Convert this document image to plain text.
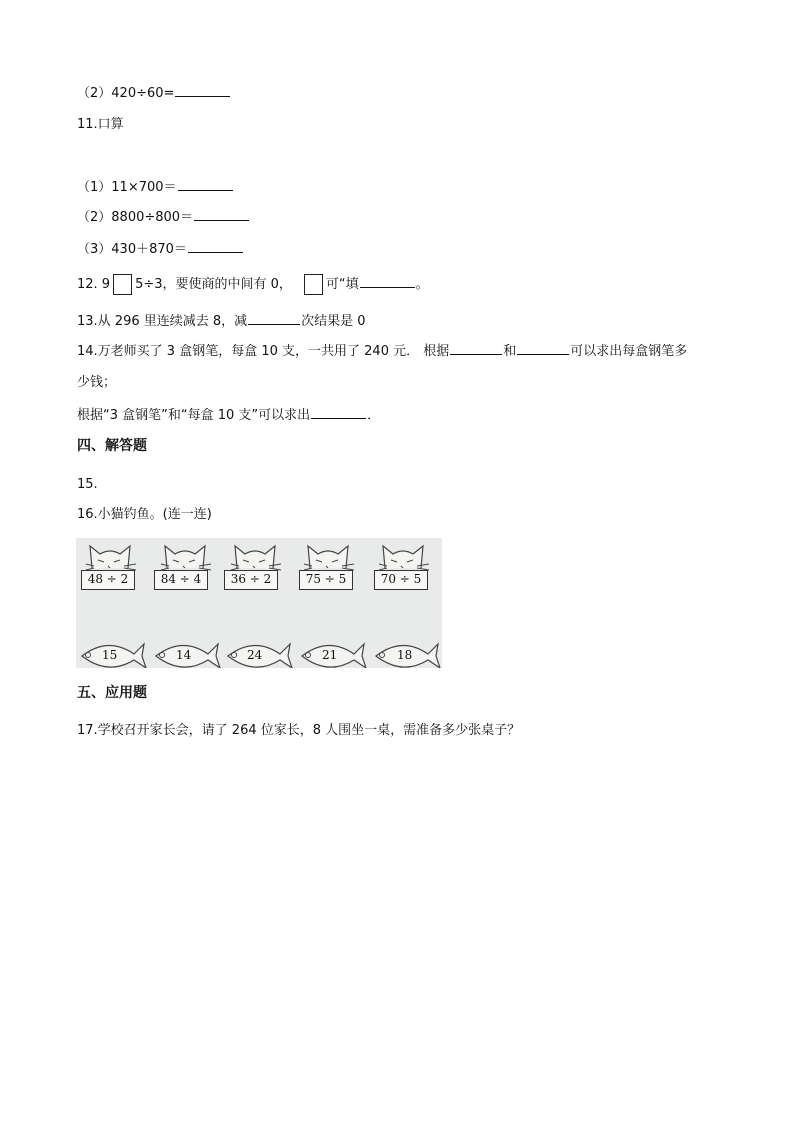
（2）420÷60=
11.口算
（1）11×700＝
（2）8800÷800＝
（3）430＋870＝
12. 9 5÷3，要使商的中间有 0，	可“填	。
13.从 296 里连续减去 8，减	次结果是 0
14.万老师买了 3 盒钢笔，每盒 10 支，一共用了 240 元． 根据	和	可以求出每盒钢笔多
少钱；
根据“3 盒钢笔”和“每盒 10 支”可以求出	．
四、解答题
15.
16.小猫钓鱼。(连一连)
48 ÷ 2	84 ÷ 4	36 ÷ 2	75 ÷ 5	70 ÷ 5
15	14	24	21	18
五、应用题
17.学校召开家长会，请了 264 位家长，8 人围坐一桌，需准备多少张桌子？
